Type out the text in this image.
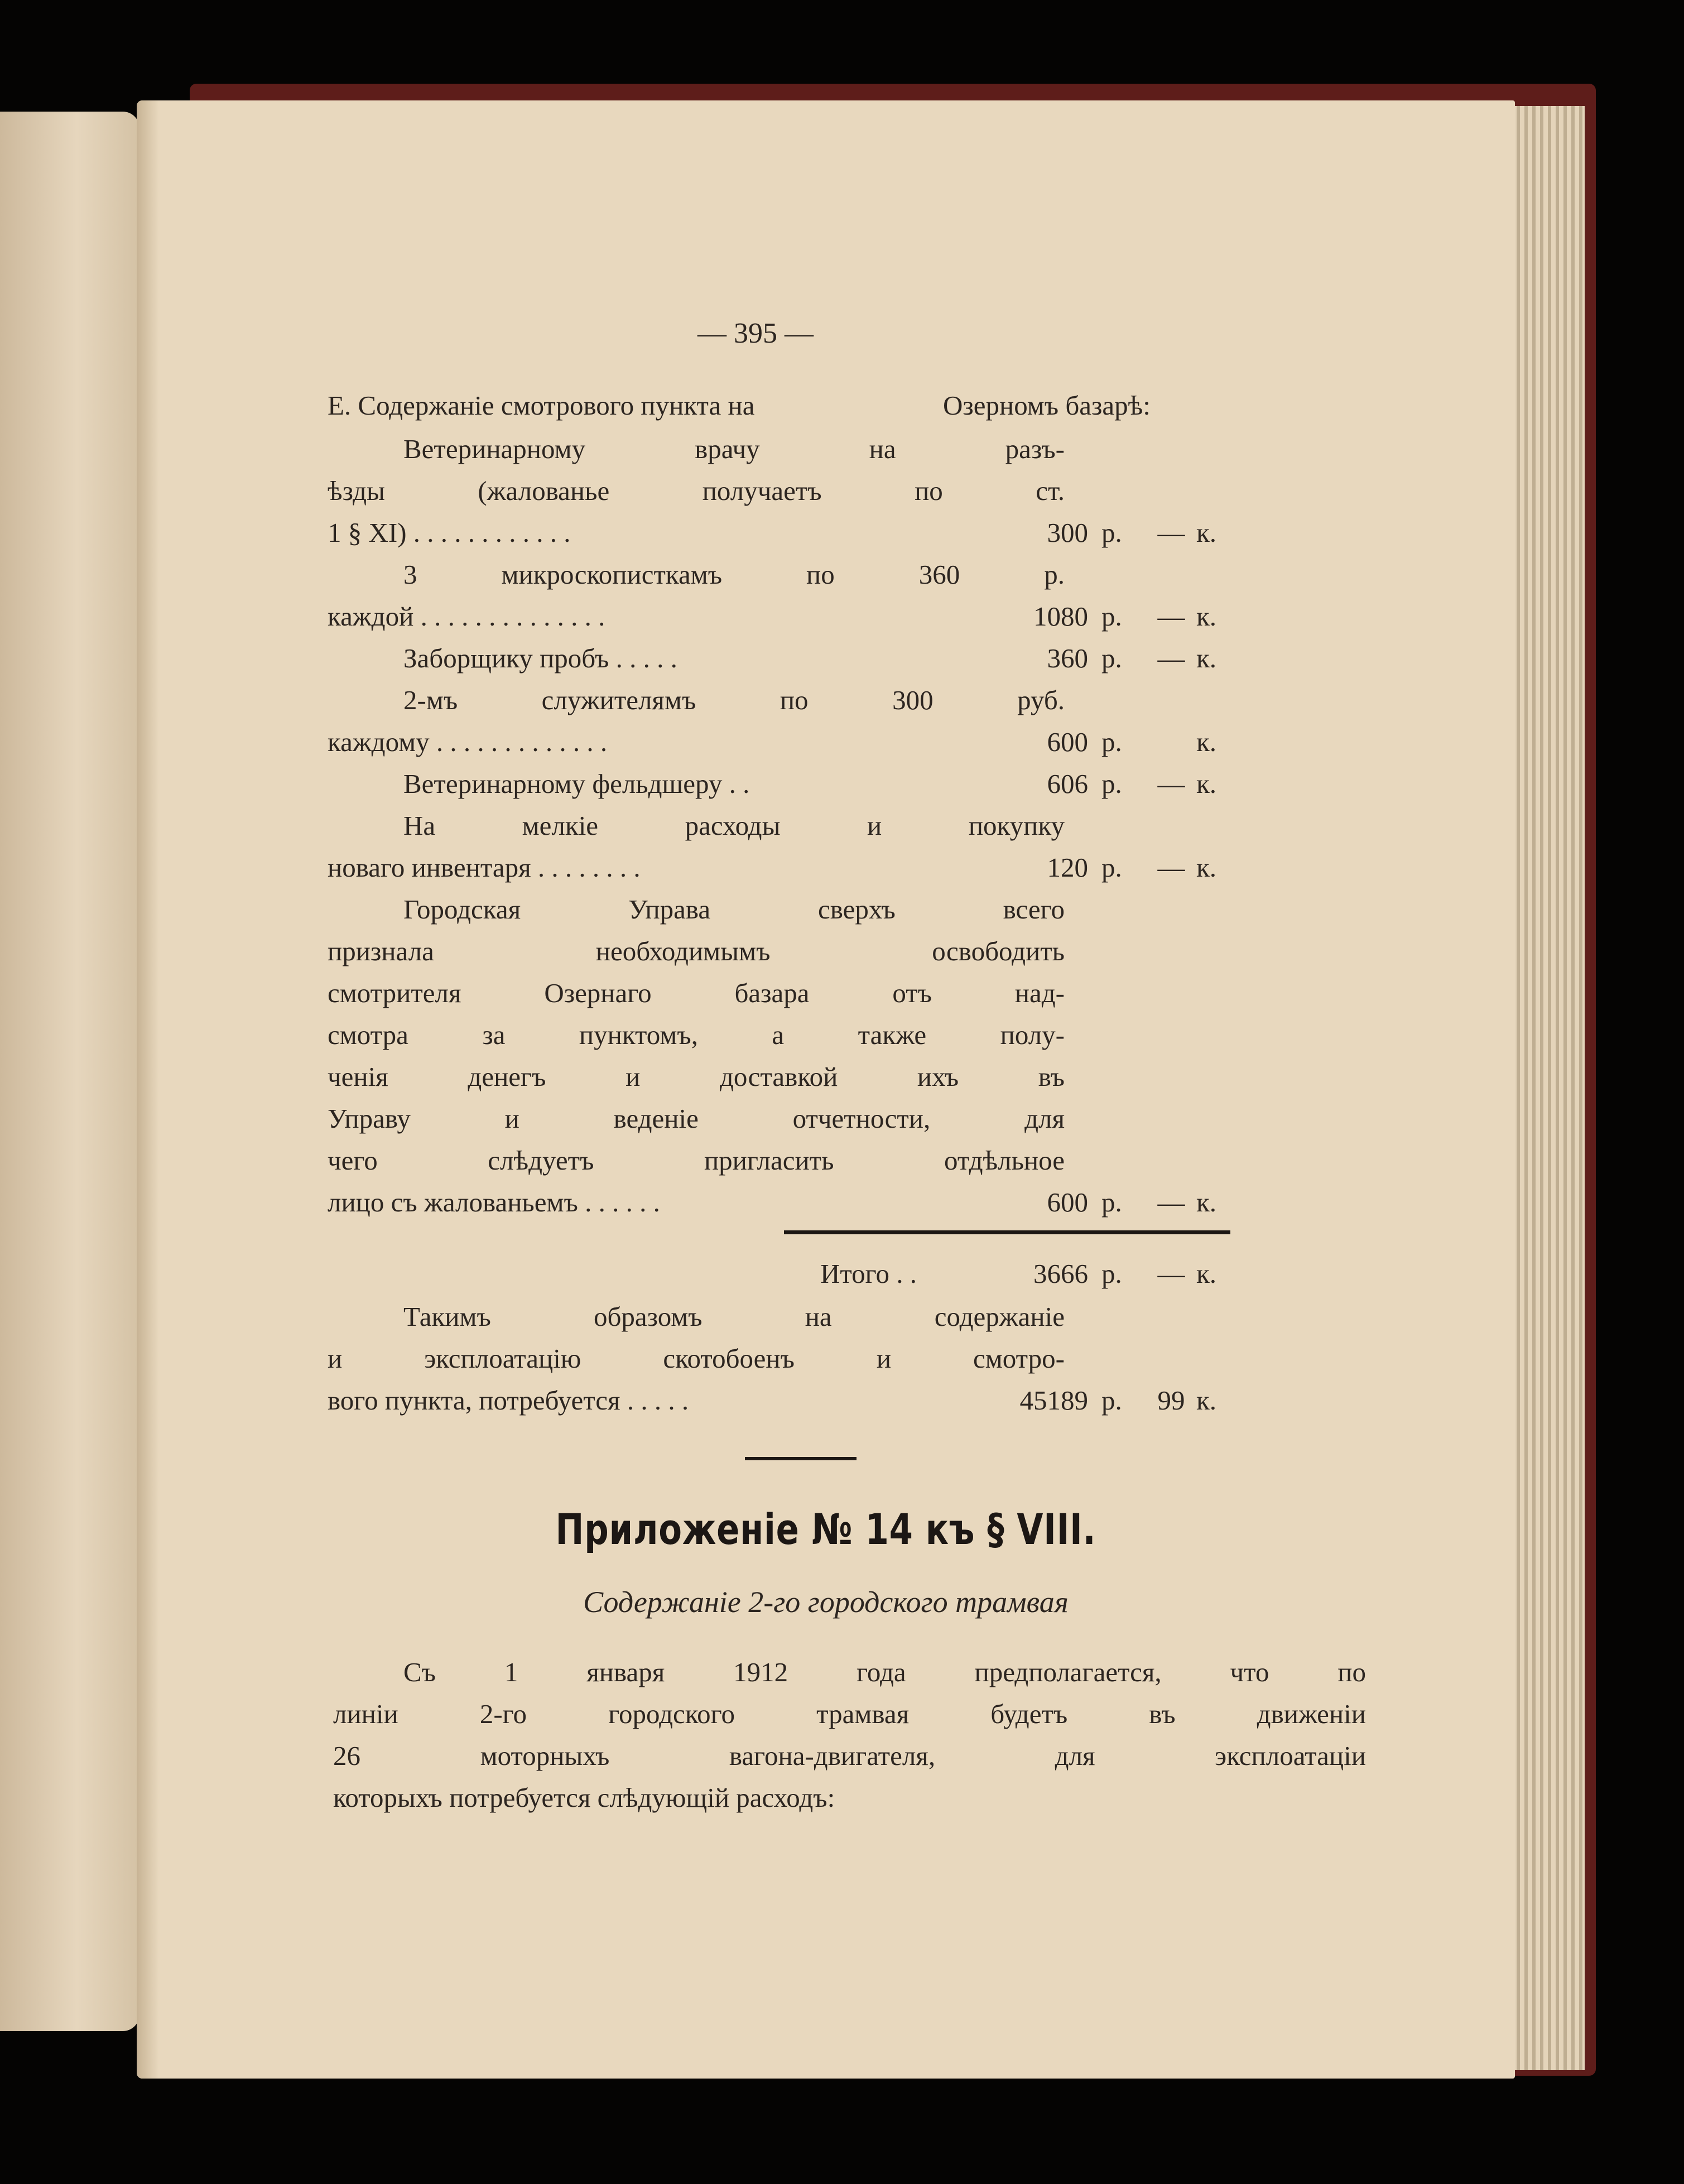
— 395 —
Е. Содержаніе смотрового пункта на	Озерномъ базарѣ:
Ветеринарному врачу на разъ-
ѣзды (жалованье получаетъ по ст.
1 § XI) . . . . . . . . . . . .	300 р. — к.
3 микроскописткамъ по 360 р.
каждой . . . . . . . . . . . . . .	1080 р. — к.
Заборщику пробъ . . . . .	360 р. — к.
2-мъ служителямъ по 300 руб.
каждому . . . . . . . . . . . . .	600 р.	к.
Ветеринарному фельдшеру . .	606 р. — к.
На мелкіе расходы и покупку
новаго инвентаря . . . . . . . .	120 р. — к.
Городская Управа сверхъ всего
признала необходимымъ освободить
смотрителя Озернаго базара отъ над-
смотра за пунктомъ, а также полу-
ченія денегъ и доставкой ихъ въ
Управу и веденіе отчетности, для
чего слѣдуетъ пригласить отдѣльное
лицо съ жалованьемъ . . . . . .	600 р. — к.
Итого . .	3666 р. — к.
Такимъ образомъ на содержаніе
и эксплоатацію скотобоенъ и смотро-
вого пункта, потребуется . . . . .	45189 р. 99 к.
Приложеніе № 14 къ § VIII.
Содержаніе 2-го городского трамвая
Съ 1 января 1912 года предполагается, что по
линіи 2-го городского трамвая будетъ въ движеніи
26 моторныхъ вагона-двигателя, для эксплоатаціи
которыхъ потребуется слѣдующій расходъ:
